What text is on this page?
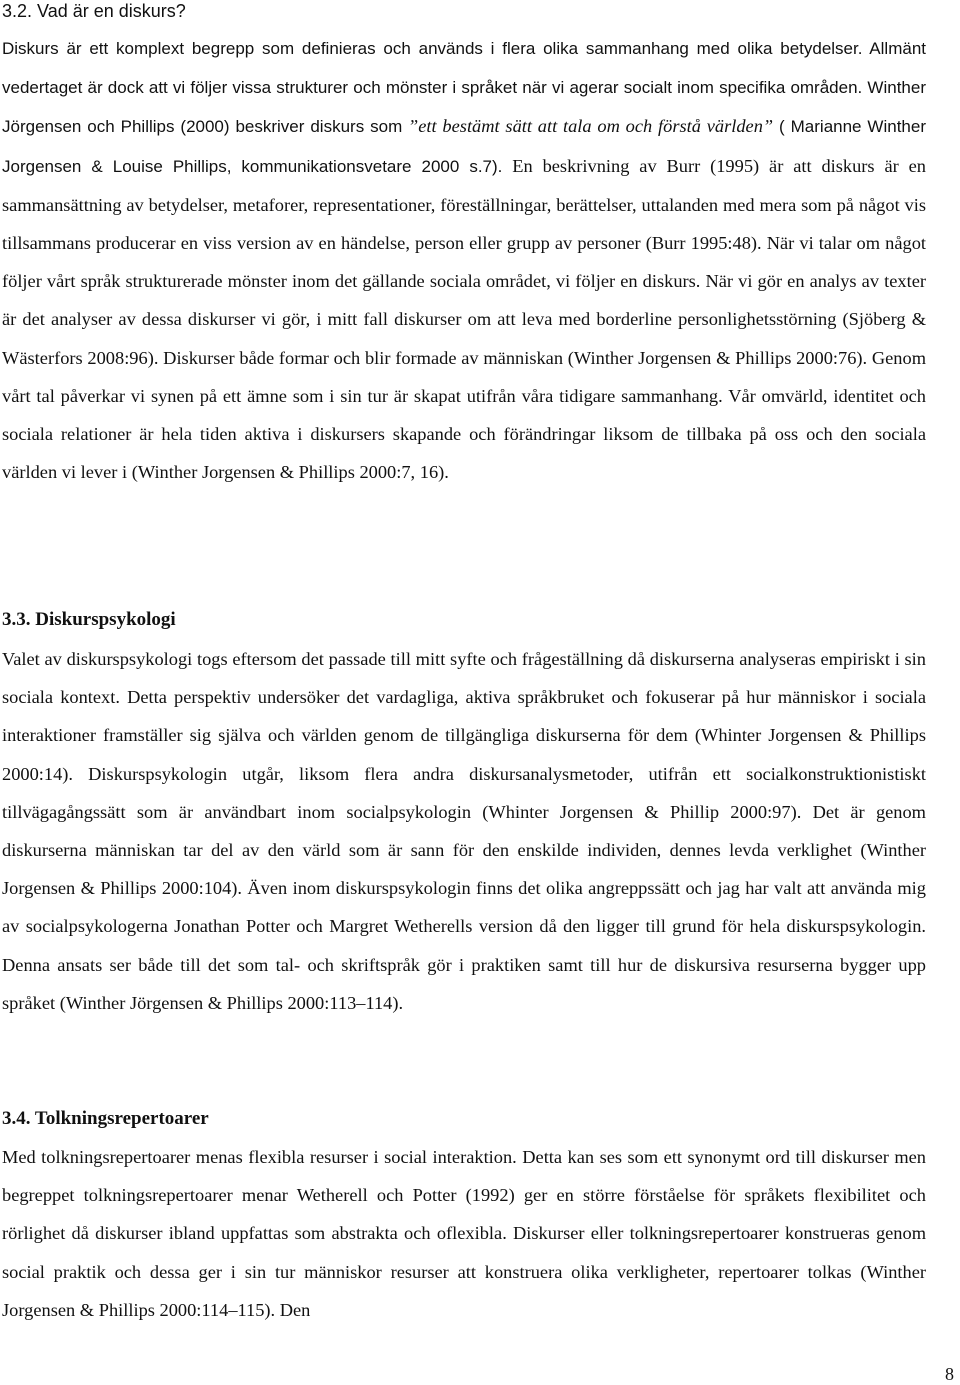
3.2. Vad är en diskurs?

Diskurs är ett komplext begrepp som definieras och används i flera olika sammanhang med olika betydelser. Allmänt vedertaget är dock att vi följer vissa strukturer och mönster i språket när vi agerar socialt inom specifika områden. Winther Jörgensen och Phillips (2000) beskriver diskurs som ”ett bestämt sätt att tala om och förstå världen” ( Marianne Winther Jorgensen & Louise Phillips, kommunikationsvetare 2000 s.7). En beskrivning av Burr (1995) är att diskurs är en sammansättning av betydelser, metaforer, representationer, föreställningar, berättelser, uttalanden med mera som på något vis tillsammans producerar en viss version av en händelse, person eller grupp av personer (Burr 1995:48). När vi talar om något följer vårt språk strukturerade mönster inom det gällande sociala området, vi följer en diskurs. När vi gör en analys av texter är det analyser av dessa diskurser vi gör, i mitt fall diskurser om att leva med borderline personlighetsstörning (Sjöberg & Wästerfors 2008:96). Diskurser både formar och blir formade av människan (Winther Jorgensen & Phillips 2000:76). Genom vårt tal påverkar vi synen på ett ämne som i sin tur är skapat utifrån våra tidigare sammanhang. Vår omvärld, identitet och sociala relationer är hela tiden aktiva i diskursers skapande och förändringar liksom de tillbaka på oss och den sociala världen vi lever i (Winther Jorgensen & Phillips 2000:7, 16).

3.3. Diskurspsykologi

Valet av diskurspsykologi togs eftersom det passade till mitt syfte och frågeställning då diskurserna analyseras empiriskt i sin sociala kontext. Detta perspektiv undersöker det vardagliga, aktiva språkbruket och fokuserar på hur människor i sociala interaktioner framställer sig själva och världen genom de tillgängliga diskurserna för dem (Whinter Jorgensen & Phillips 2000:14). Diskurspsykologin utgår, liksom flera andra diskursanalysmetoder, utifrån ett socialkonstruktionistiskt tillvägagångssätt som är användbart inom socialpsykologin (Whinter Jorgensen & Phillip 2000:97). Det är genom diskurserna människan tar del av den värld som är sann för den enskilde individen, dennes levda verklighet (Winther Jorgensen & Phillips 2000:104). Även inom diskurspsykologin finns det olika angreppssätt och jag har valt att använda mig av socialpsykologerna Jonathan Potter och Margret Wetherells version då den ligger till grund för hela diskurspsykologin. Denna ansats ser både till det som tal- och skriftspråk gör i praktiken samt till hur de diskursiva resurserna bygger upp språket (Winther Jörgensen & Phillips 2000:113–114).

3.4. Tolkningsrepertoarer

Med tolkningsrepertoarer menas flexibla resurser i social interaktion. Detta kan ses som ett synonymt ord till diskurser men begreppet tolkningsrepertoarer menar Wetherell och Potter (1992) ger en större förståelse för språkets flexibilitet och rörlighet då diskurser ibland uppfattas som abstrakta och oflexibla. Diskurser eller tolkningsrepertoarer konstrueras genom social praktik och dessa ger i sin tur människor resurser att konstruera olika verkligheter, repertoarer tolkas (Winther Jorgensen & Phillips 2000:114–115). Den

8
